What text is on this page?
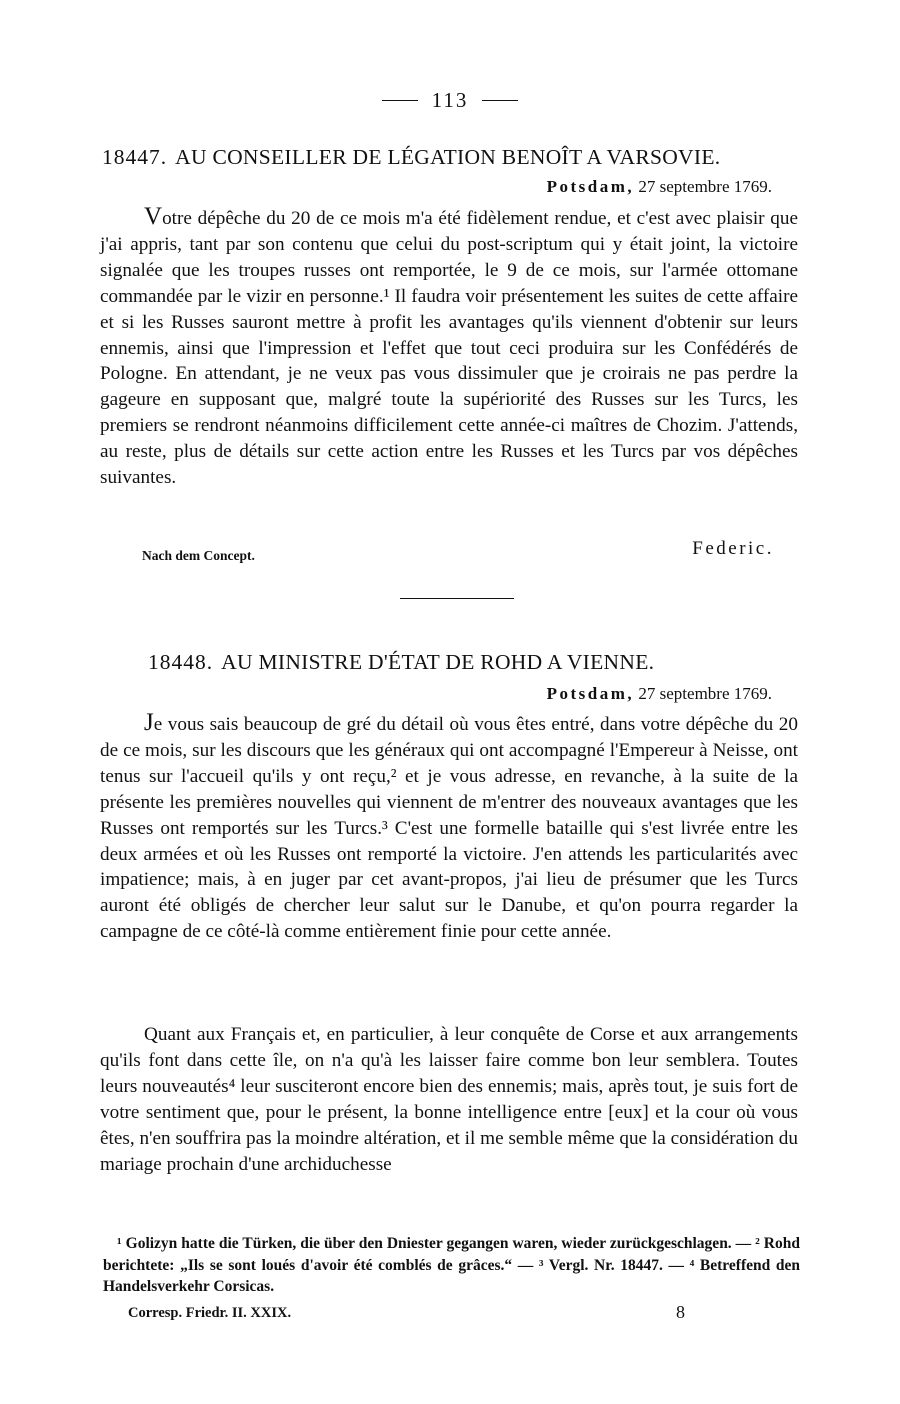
113
18447. AU CONSEILLER DE LÉGATION BENOÎT A VARSOVIE.
Potsdam, 27 septembre 1769.

Votre dépêche du 20 de ce mois m'a été fidèlement rendue, et c'est avec plaisir que j'ai appris, tant par son contenu que celui du post-scriptum qui y était joint, la victoire signalée que les troupes russes ont remportée, le 9 de ce mois, sur l'armée ottomane commandée par le vizir en personne.¹ Il faudra voir présentement les suites de cette affaire et si les Russes sauront mettre à profit les avantages qu'ils viennent d'obtenir sur leurs ennemis, ainsi que l'impression et l'effet que tout ceci produira sur les Confédérés de Pologne. En attendant, je ne veux pas vous dissimuler que je croirais ne pas perdre la gageure en supposant que, malgré toute la supériorité des Russes sur les Turcs, les premiers se rendront néanmoins difficilement cette année-ci maîtres de Chozim. J'attends, au reste, plus de détails sur cette action entre les Russes et les Turcs par vos dépêches suivantes.

Nach dem Concept.	Federic.
18448. AU MINISTRE D'ÉTAT DE ROHD A VIENNE.
Potsdam, 27 septembre 1769.

Je vous sais beaucoup de gré du détail où vous êtes entré, dans votre dépêche du 20 de ce mois, sur les discours que les généraux qui ont accompagné l'Empereur à Neisse, ont tenus sur l'accueil qu'ils y ont reçu,² et je vous adresse, en revanche, à la suite de la présente les premières nouvelles qui viennent de m'entrer des nouveaux avantages que les Russes ont remportés sur les Turcs.³ C'est une formelle bataille qui s'est livrée entre les deux armées et où les Russes ont remporté la victoire. J'en attends les particularités avec impatience; mais, à en juger par cet avant-propos, j'ai lieu de présumer que les Turcs auront été obligés de chercher leur salut sur le Danube, et qu'on pourra regarder la campagne de ce côté-là comme entièrement finie pour cette année.

Quant aux Français et, en particulier, à leur conquête de Corse et aux arrangements qu'ils font dans cette île, on n'a qu'à les laisser faire comme bon leur semblera. Toutes leurs nouveautés⁴ leur susciteront encore bien des ennemis; mais, après tout, je suis fort de votre sentiment que, pour le présent, la bonne intelligence entre [eux] et la cour où vous êtes, n'en souffrira pas la moindre altération, et il me semble même que la considération du mariage prochain d'une archiduchesse

¹ Golizyn hatte die Türken, die über den Dniester gegangen waren, wieder zurückgeschlagen. — ² Rohd berichtete: „Ils se sont loués d'avoir été comblés de grâces.“ — ³ Vergl. Nr. 18447. — ⁴ Betreffend den Handelsverkehr Corsicas.

Corresp. Friedr. II. XXIX.	8
